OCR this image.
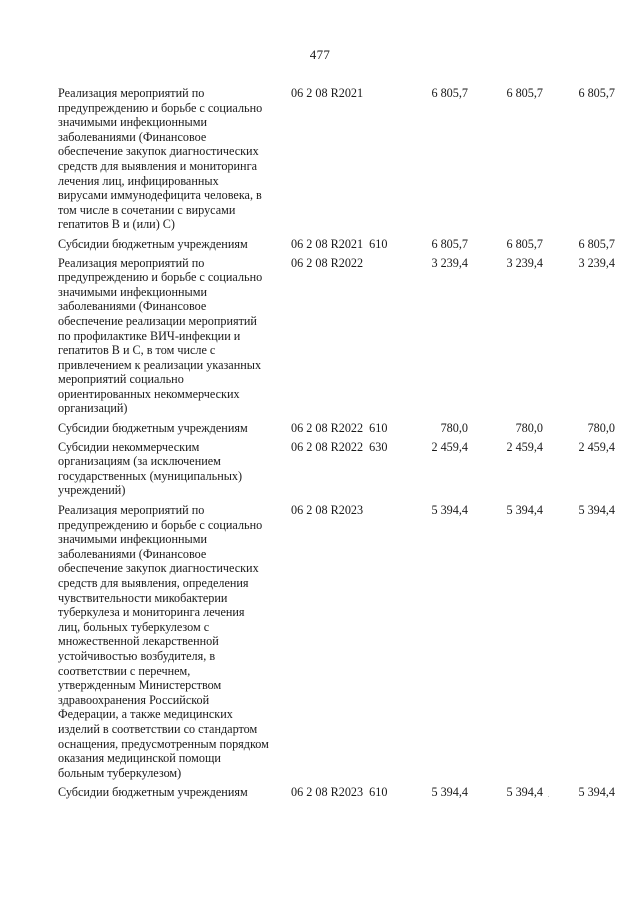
477
Реализация мероприятий по
предупреждению и борьбе с социально
значимыми инфекционными
заболеваниями (Финансовое
обеспечение закупок диагностических
средств для выявления и мониторинга
лечения лиц, инфицированных
вирусами иммунодефицита человека, в
том числе в сочетании с вирусами
гепатитов B и (или) C)
06 2 08 R2021	6 805,7	6 805,7	6 805,7
Субсидии бюджетным учреждениям	06 2 08 R2021 610	6 805,7	6 805,7	6 805,7
Реализация мероприятий по
предупреждению и борьбе с социально
значимыми инфекционными
заболеваниями (Финансовое
обеспечение реализации мероприятий
по профилактике ВИЧ-инфекции и
гепатитов B и C, в том числе с
привлечением к реализации указанных
мероприятий социально
ориентированных некоммерческих
организаций)
06 2 08 R2022	3 239,4	3 239,4	3 239,4
Субсидии бюджетным учреждениям	06 2 08 R2022 610	780,0	780,0	780,0
Субсидии некоммерческим
организациям (за исключением
государственных (муниципальных)
учреждений)
06 2 08 R2022 630	2 459,4	2 459,4	2 459,4
Реализация мероприятий по
предупреждению и борьбе с социально
значимыми инфекционными
заболеваниями (Финансовое
обеспечение закупок диагностических
средств для выявления, определения
чувствительности микобактерии
туберкулеза и мониторинга лечения
лиц, больных туберкулезом с
множественной лекарственной
устойчивостью возбудителя, в
соответствии с перечнем,
утвержденным Министерством
здравоохранения Российской
Федерации, а также медицинских
изделий в соответствии со стандартом
оснащения, предусмотренным порядком
оказания медицинской помощи
больным туберкулезом)
06 2 08 R2023	5 394,4	5 394,4	5 394,4
Субсидии бюджетным учреждениям	06 2 08 R2023 610	5 394,4	5 394,4	5 394,4
